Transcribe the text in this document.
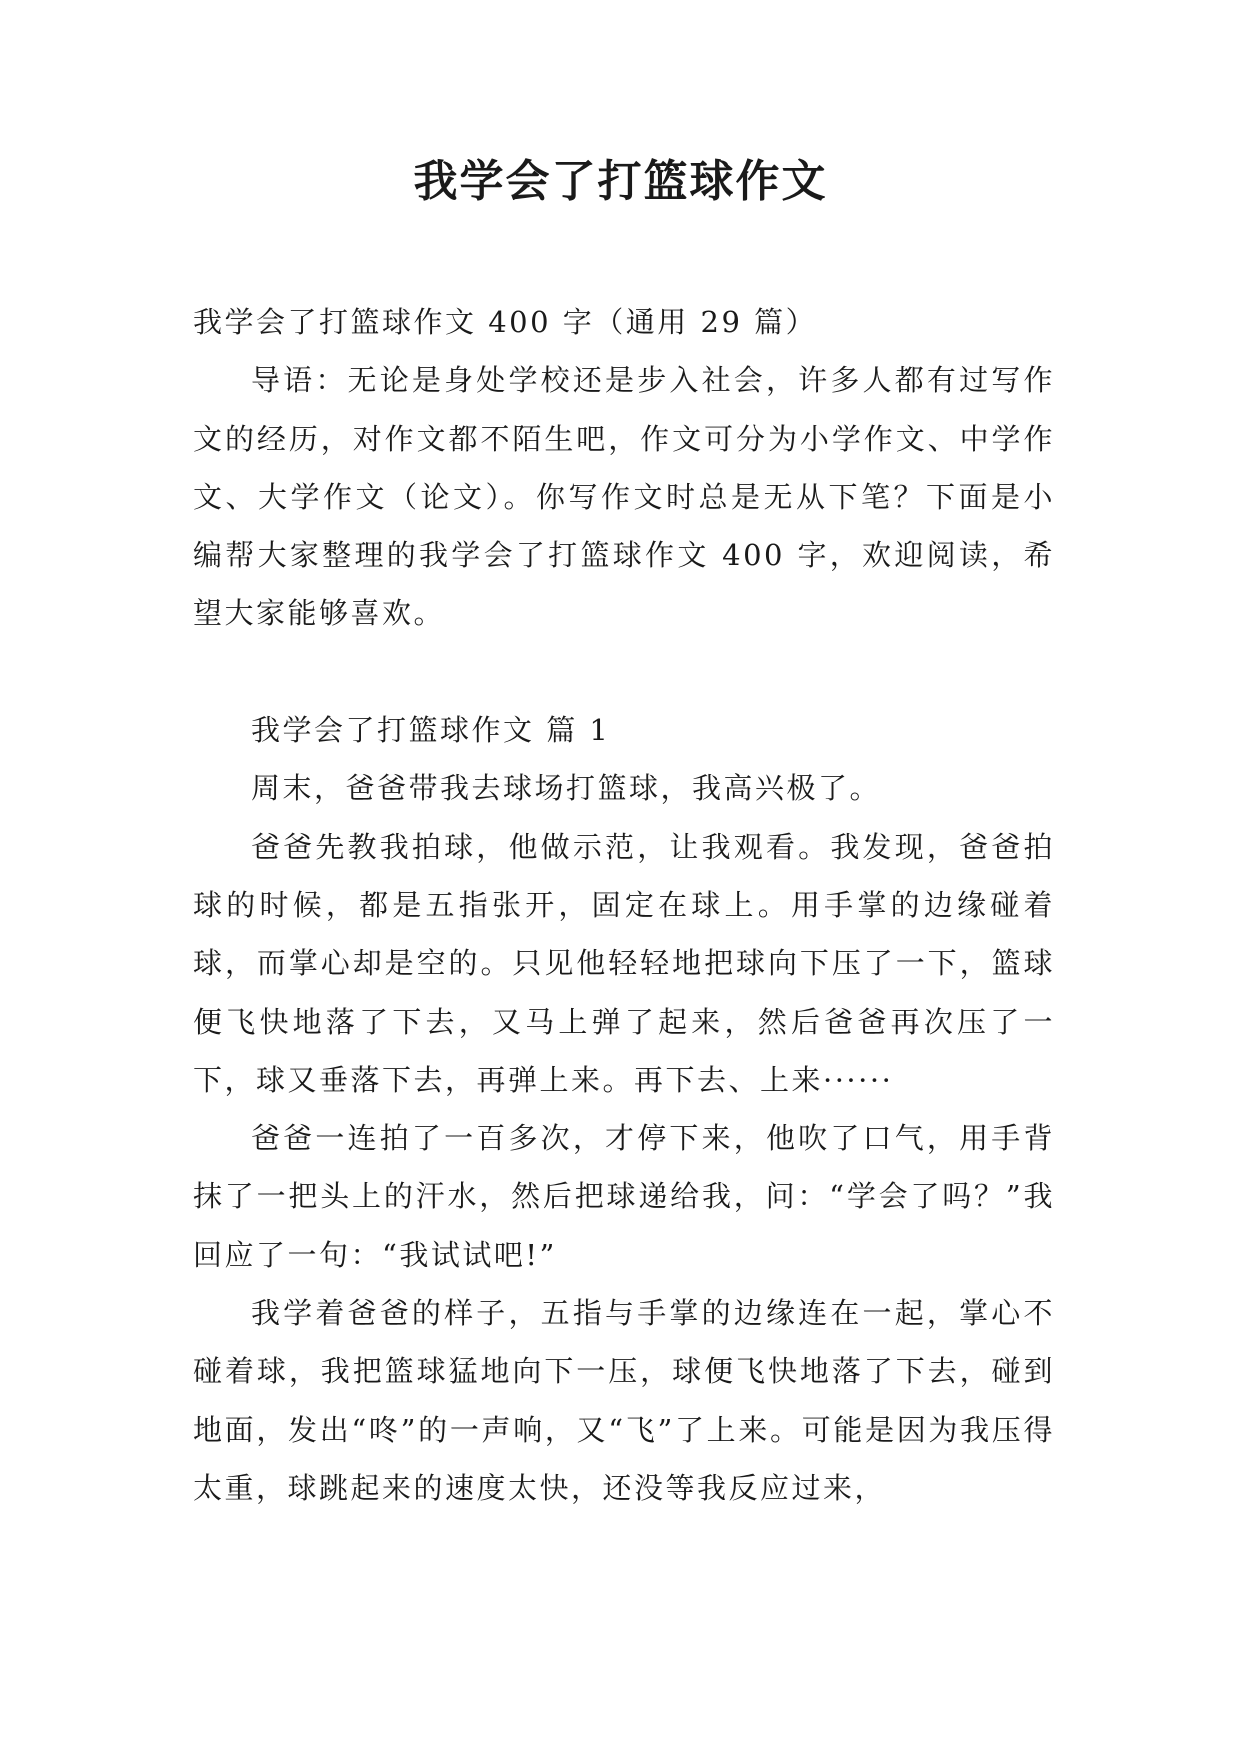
我学会了打篮球作文

我学会了打篮球作文 400 字（通用 29 篇）

导语：无论是身处学校还是步入社会，许多人都有过写作文的经历，对作文都不陌生吧，作文可分为小学作文、中学作文、大学作文（论文）。你写作文时总是无从下笔？下面是小编帮大家整理的我学会了打篮球作文 400 字，欢迎阅读，希望大家能够喜欢。

我学会了打篮球作文 篇 1

周末，爸爸带我去球场打篮球，我高兴极了。

爸爸先教我拍球，他做示范，让我观看。我发现，爸爸拍球的时候，都是五指张开，固定在球上。用手掌的边缘碰着球，而掌心却是空的。只见他轻轻地把球向下压了一下，篮球便飞快地落了下去，又马上弹了起来，然后爸爸再次压了一下，球又垂落下去，再弹上来。再下去、上来······

爸爸一连拍了一百多次，才停下来，他吹了口气，用手背抹了一把头上的汗水，然后把球递给我，问：“学会了吗？”我回应了一句：“我试试吧!”

我学着爸爸的样子，五指与手掌的边缘连在一起，掌心不碰着球，我把篮球猛地向下一压，球便飞快地落了下去，碰到地面，发出“咚”的一声响，又“飞”了上来。可能是因为我压得太重，球跳起来的速度太快，还没等我反应过来，
